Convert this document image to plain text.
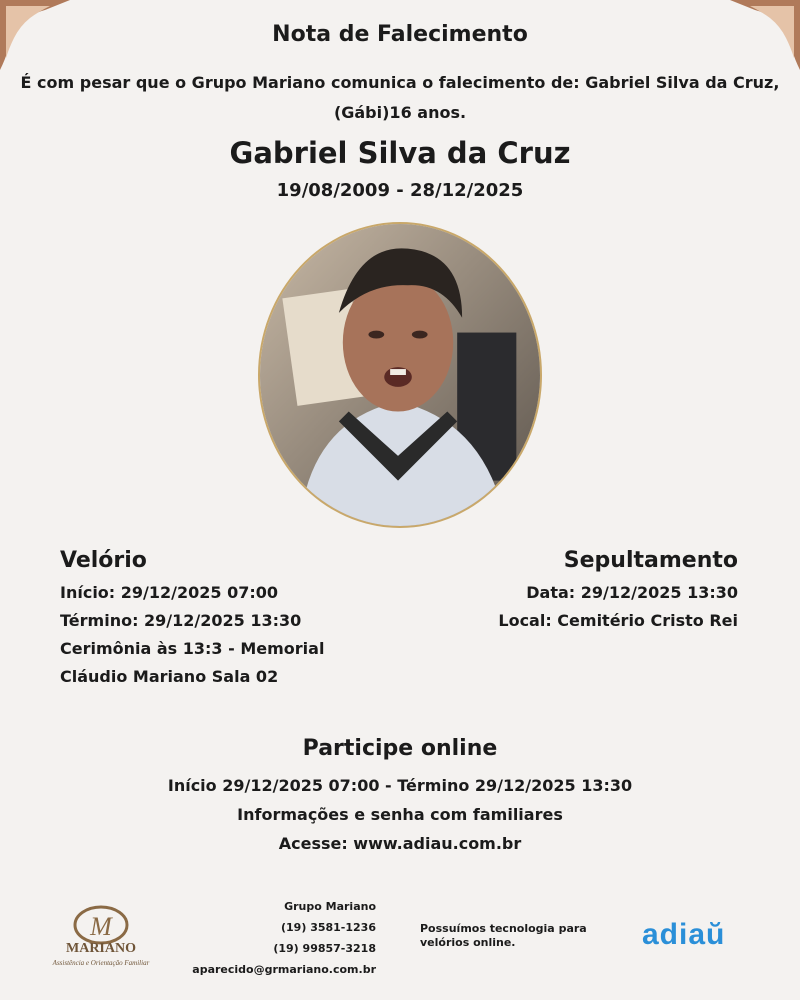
Nota de Falecimento
É com pesar que o Grupo Mariano comunica o falecimento de: Gabriel Silva da Cruz, (Gábi)16 anos.
Gabriel Silva da Cruz
19/08/2009 - 28/12/2025
Velório
Início: 29/12/2025 07:00
Término: 29/12/2025 13:30
Cerimônia às 13:3 - Memorial Cláudio Mariano Sala 02
Sepultamento
Data: 29/12/2025 13:30
Local: Cemitério Cristo Rei
Participe online
Início 29/12/2025 07:00 - Término 29/12/2025 13:30
Informações e senha com familiares
Acesse: www.adiau.com.br
M
MARIANO
Assistência e Orientação Familiar
Grupo Mariano
(19) 3581-1236
(19) 99857-3218
aparecido@grmariano.com.br
Possuímos tecnologia para velórios online.	adiaŭ
